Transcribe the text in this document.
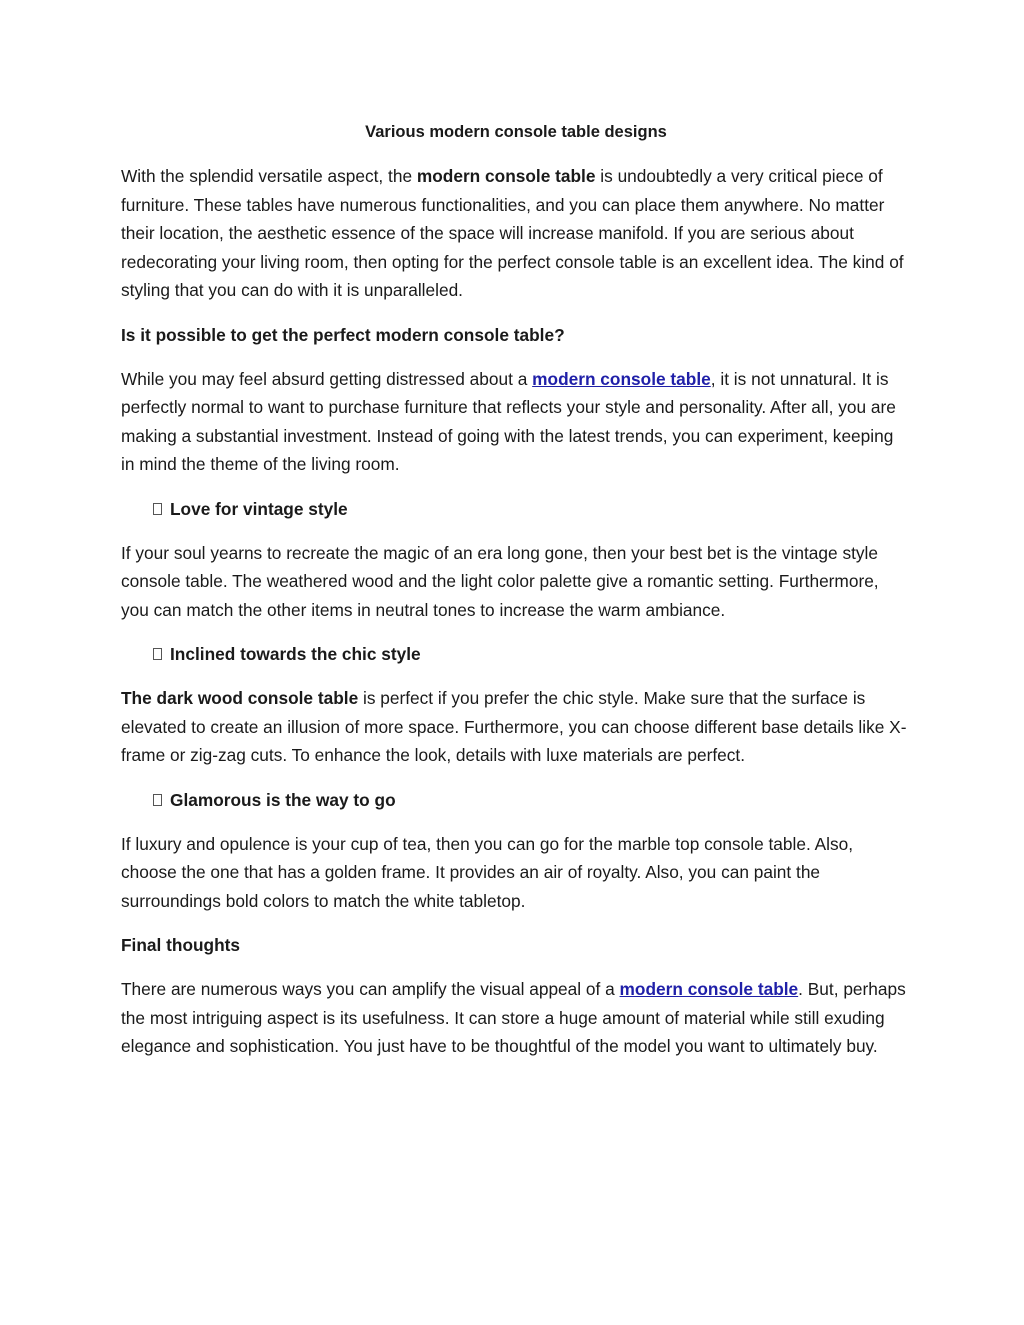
Various modern console table designs

With the splendid versatile aspect, the modern console table is undoubtedly a very critical piece of furniture. These tables have numerous functionalities, and you can place them anywhere. No matter their location, the aesthetic essence of the space will increase manifold. If you are serious about redecorating your living room, then opting for the perfect console table is an excellent idea. The kind of styling that you can do with it is unparalleled.

Is it possible to get the perfect modern console table?

While you may feel absurd getting distressed about a modern console table, it is not unnatural. It is perfectly normal to want to purchase furniture that reflects your style and personality. After all, you are making a substantial investment. Instead of going with the latest trends, you can experiment, keeping in mind the theme of the living room.

Love for vintage style

If your soul yearns to recreate the magic of an era long gone, then your best bet is the vintage style console table. The weathered wood and the light color palette give a romantic setting. Furthermore, you can match the other items in neutral tones to increase the warm ambiance.

Inclined towards the chic style

The dark wood console table is perfect if you prefer the chic style. Make sure that the surface is elevated to create an illusion of more space. Furthermore, you can choose different base details like X-frame or zig-zag cuts. To enhance the look, details with luxe materials are perfect.

Glamorous is the way to go

If luxury and opulence is your cup of tea, then you can go for the marble top console table. Also, choose the one that has a golden frame. It provides an air of royalty. Also, you can paint the surroundings bold colors to match the white tabletop.

Final thoughts

There are numerous ways you can amplify the visual appeal of a modern console table. But, perhaps the most intriguing aspect is its usefulness. It can store a huge amount of material while still exuding elegance and sophistication. You just have to be thoughtful of the model you want to ultimately buy.
